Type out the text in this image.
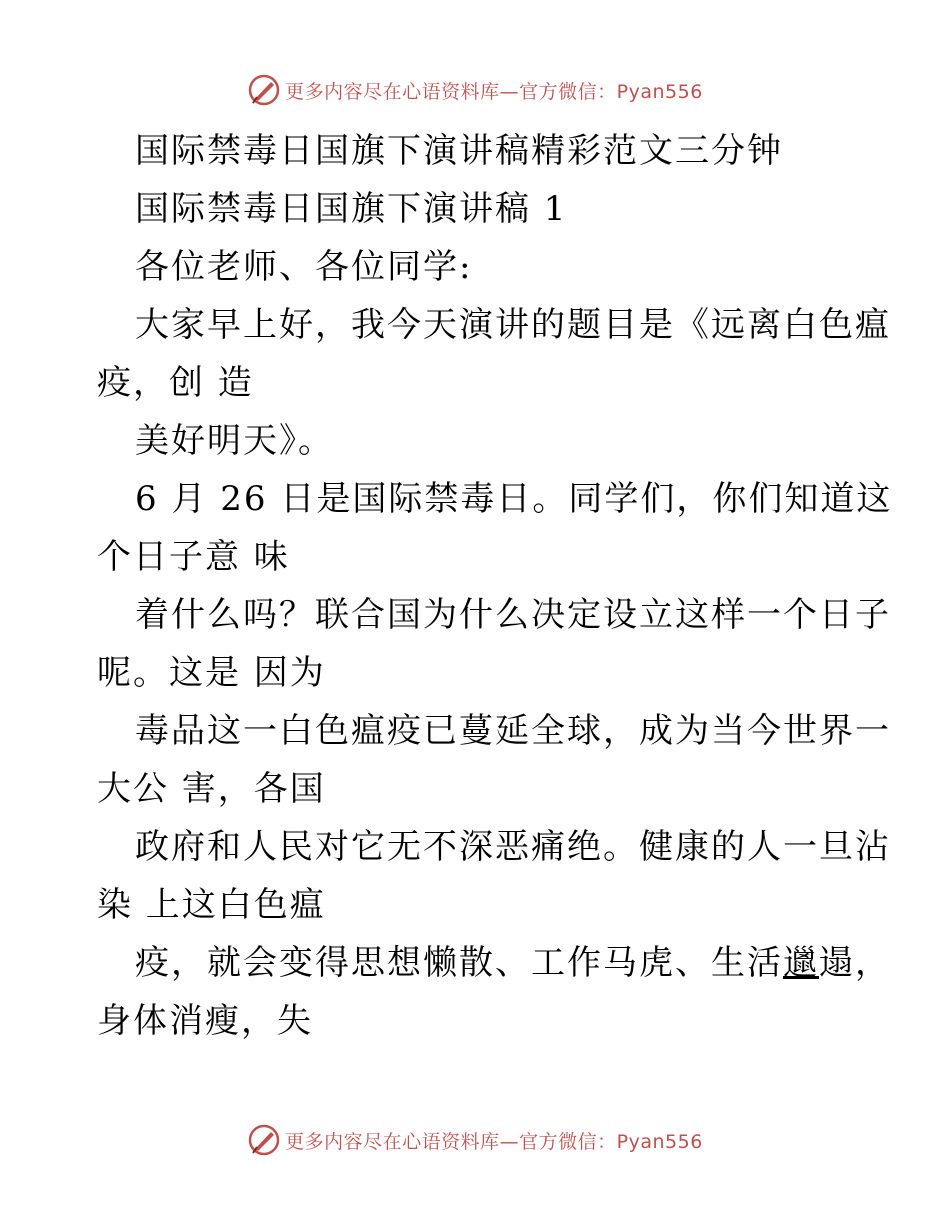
更多内容尽在心语资料库—官方微信：Pyan556

国际禁毒日国旗下演讲稿精彩范文三分钟

国际禁毒日国旗下演讲稿 1

各位老师、各位同学:

大家早上好，我今天演讲的题目是《远离白色瘟

疫，创 造

美好明天》。

6 月 26 日是国际禁毒日。同学们，你们知道这

个日子意 味

着什么吗？联合国为什么决定设立这样一个日子

呢。这是 因为

毒品这一白色瘟疫已蔓延全球，成为当今世界一

大公 害，各国

政府和人民对它无不深恶痛绝。健康的人一旦沾

染 上这白色瘟

疫，就会变得思想懒散、工作马虎、生活邋遢，

身体消瘦，失

更多内容尽在心语资料库—官方微信：Pyan556
